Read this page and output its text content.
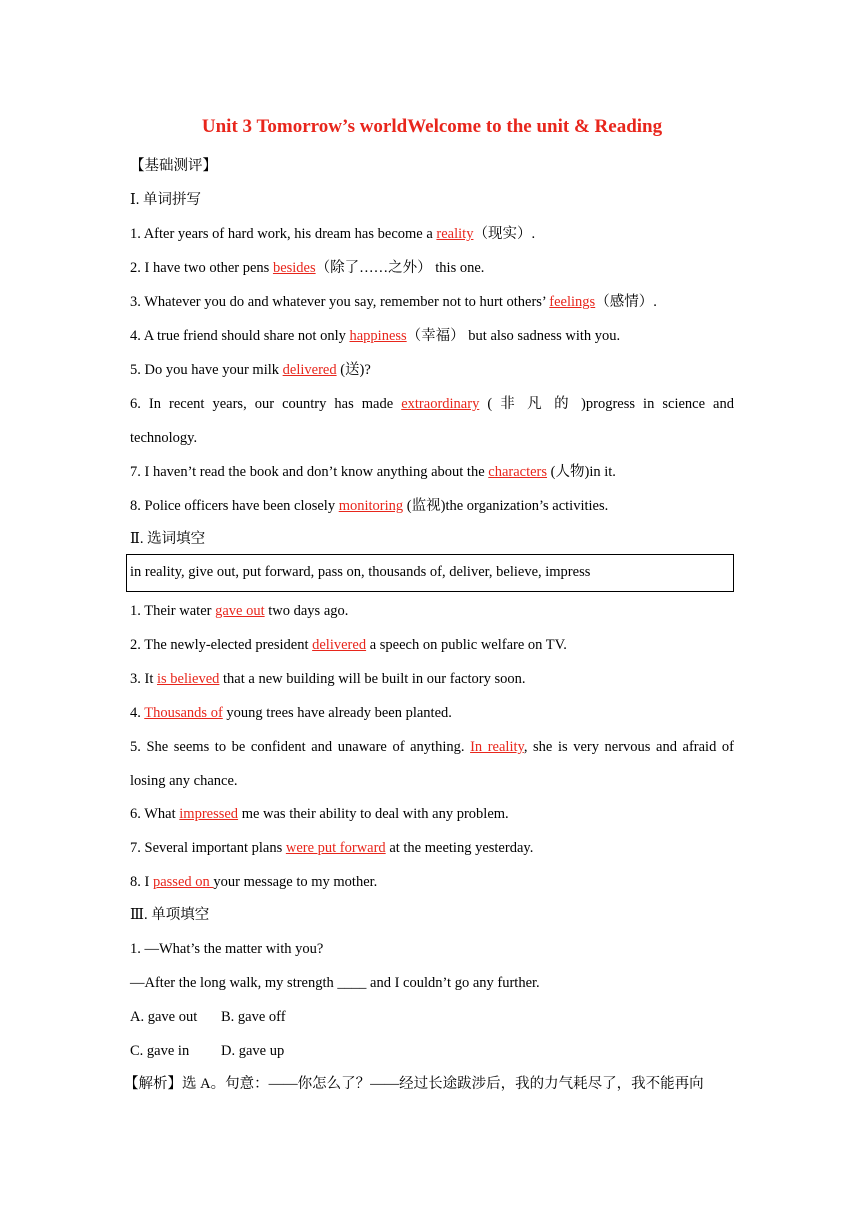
Unit 3 Tomorrow’s worldWelcome to the unit & Reading
【基础测评】
Ⅰ. 单词拼写
1. After years of hard work, his dream has become a reality（现实）.
2. I have two other pens besides（除了……之外） this one.
3. Whatever you do and whatever you say, remember not to hurt others’ feelings（感情）.
4. A true friend should share not only happiness（幸福） but also sadness with you.
5. Do you have your milk delivered (送)?
6. In recent years, our country has made extraordinary ( 非 凡 的 )progress in science and
technology.
7. I haven’t read the book and don’t know anything about the characters (人物)in it.
8. Police officers have been closely monitoring (监视)the organization’s activities.
Ⅱ. 选词填空
in reality, give out, put forward, pass on, thousands of, deliver, believe, impress
1. Their water gave out two days ago.
2. The newly-elected president delivered a speech on public welfare on TV.
3. It is believed that a new building will be built in our factory soon.
4. Thousands of young trees have already been planted.
5. She seems to be confident and unaware of anything. In reality, she is very nervous and afraid of
losing any chance.
6. What impressed me was their ability to deal with any problem.
7. Several important plans were put forward at the meeting yesterday.
8. I passed on your message to my mother.
Ⅲ. 单项填空
1. —What’s the matter with you?
—After the long walk, my strength ____ and I couldn’t go any further.
A. gave out B. gave off
C. gave in D. gave up
【解析】选 A。句意：——你怎么了？——经过长途跋涉后，我的力气耗尽了，我不能再向
